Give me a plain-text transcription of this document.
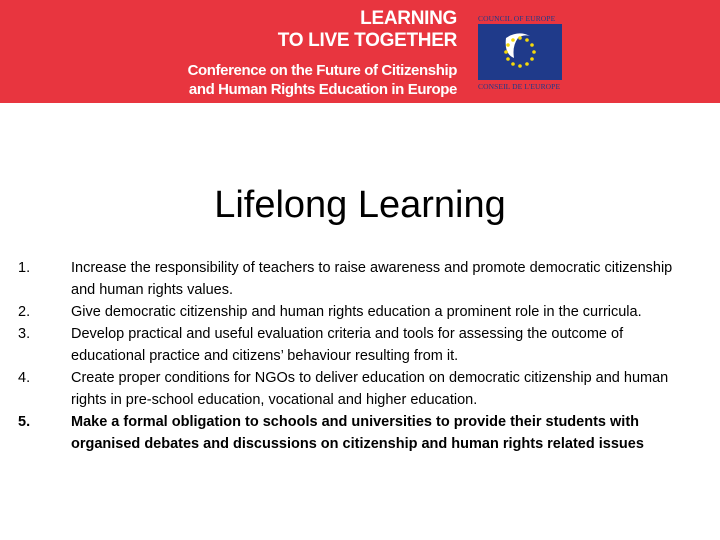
LEARNING
TO LIVE TOGETHER
Conference on the Future of Citizenship
and Human Rights Education in Europe
COUNCIL OF EUROPE
CONSEIL DE L'EUROPE
Lifelong Learning
1.	Increase the responsibility of teachers to raise awareness and promote democratic citizenship and human rights values.
2.	Give democratic citizenship and human rights education a prominent role in the curricula.
3.	Develop practical and useful evaluation criteria and tools for assessing the outcome of educational practice and citizens’ behaviour resulting from it.
4.	Create proper conditions for NGOs to deliver education on democratic citizenship and human rights in pre-school education, vocational and higher education.
5.	Make a formal obligation to schools and universities to provide their students with organised debates and discussions on citizenship and human rights related issues
